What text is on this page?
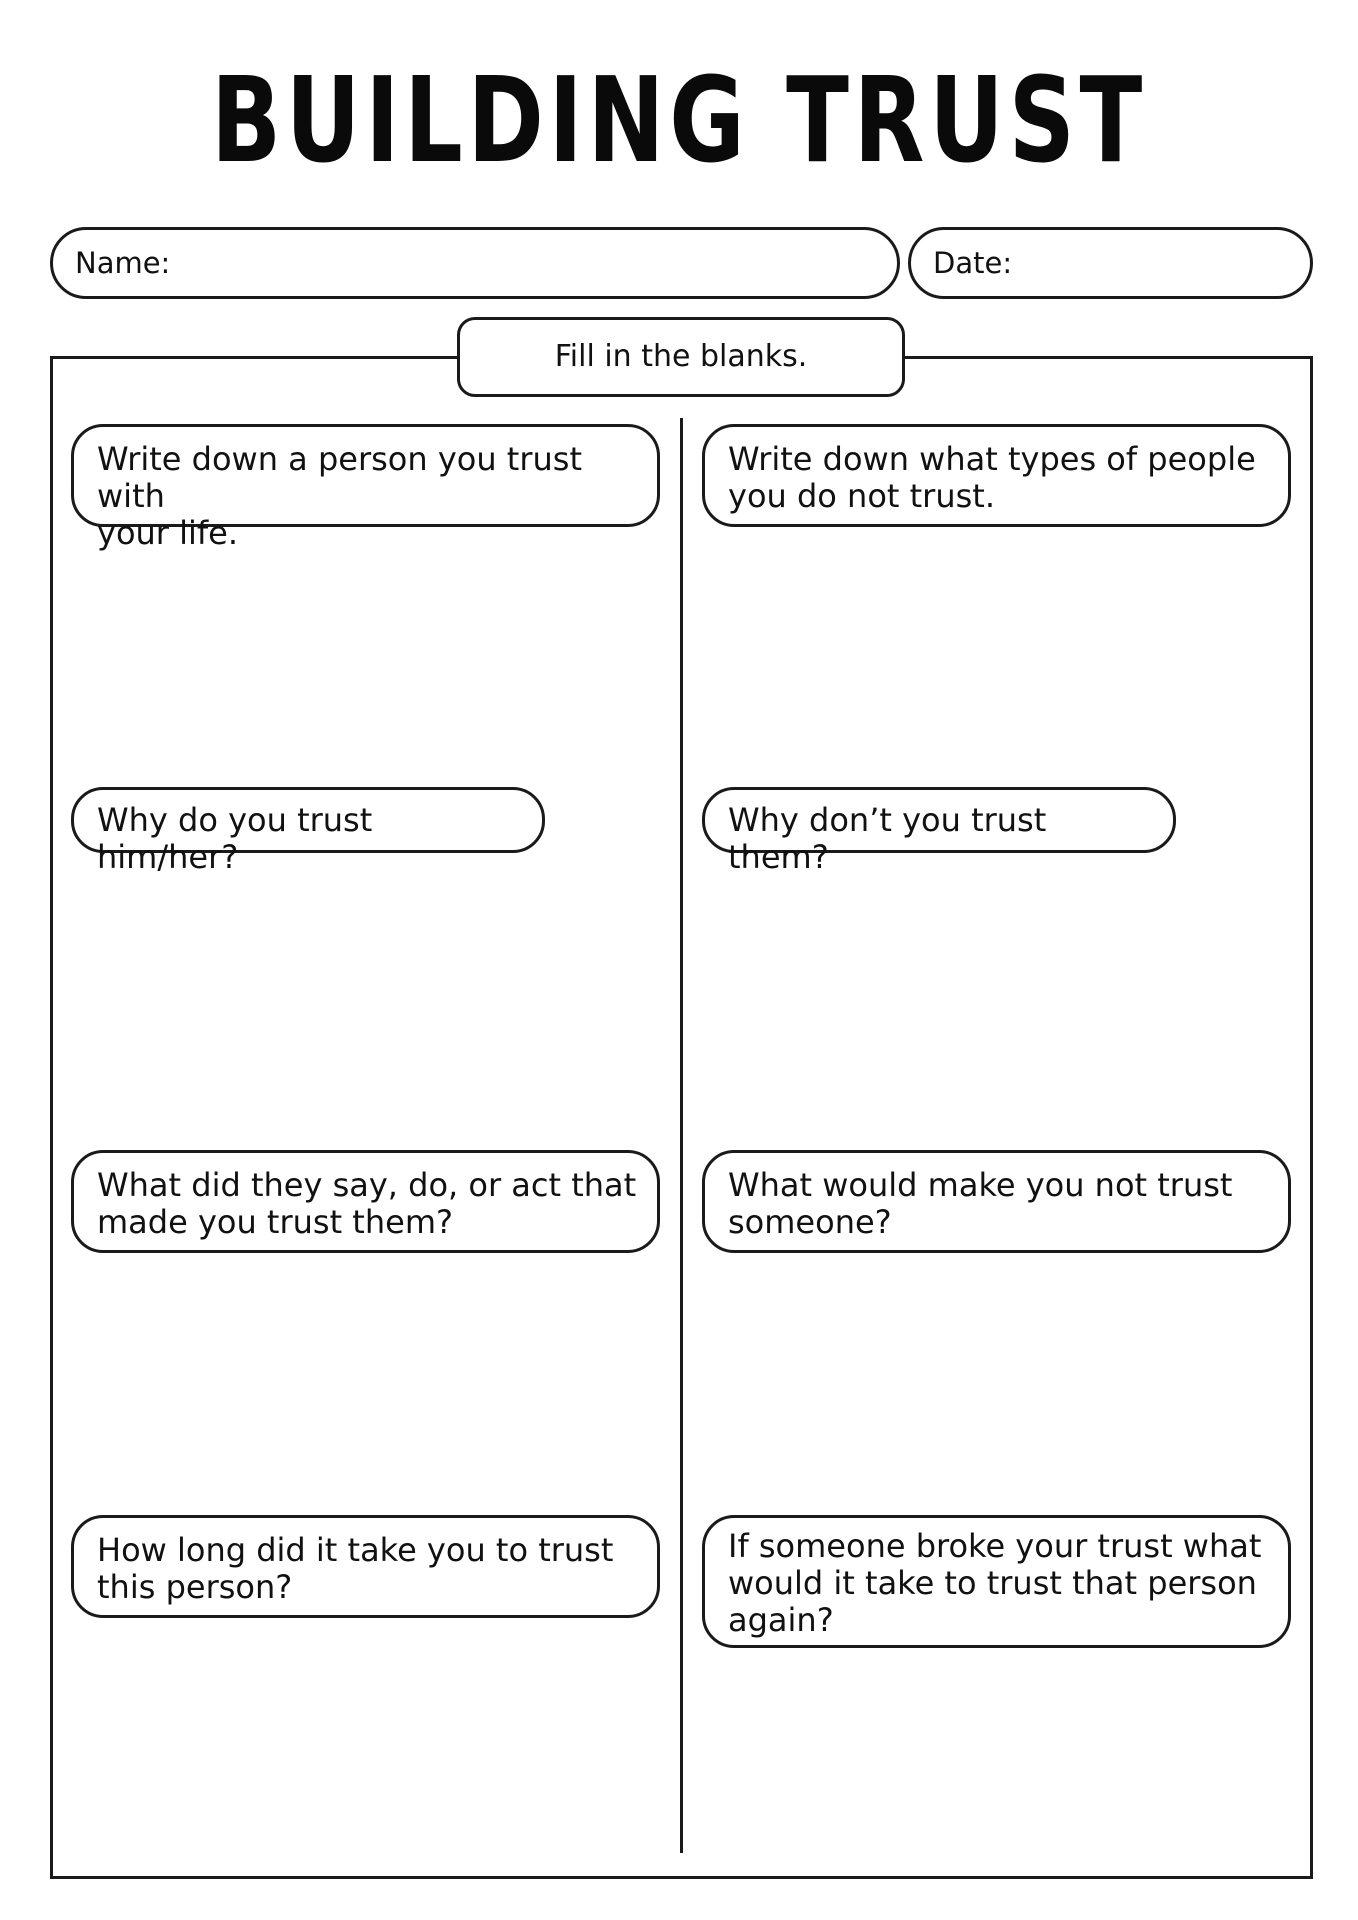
BUILDING TRUST
Name:	Date:
Fill in the blanks.
Write down a person you trust with
your life.
Why do you trust him/her?
What did they say, do, or act that
made you trust them?
How long did it take you to trust
this person?
Write down what types of people
you do not trust.
Why don’t you trust them?
What would make you not trust
someone?
If someone broke your trust what
would it take to trust that person
again?
